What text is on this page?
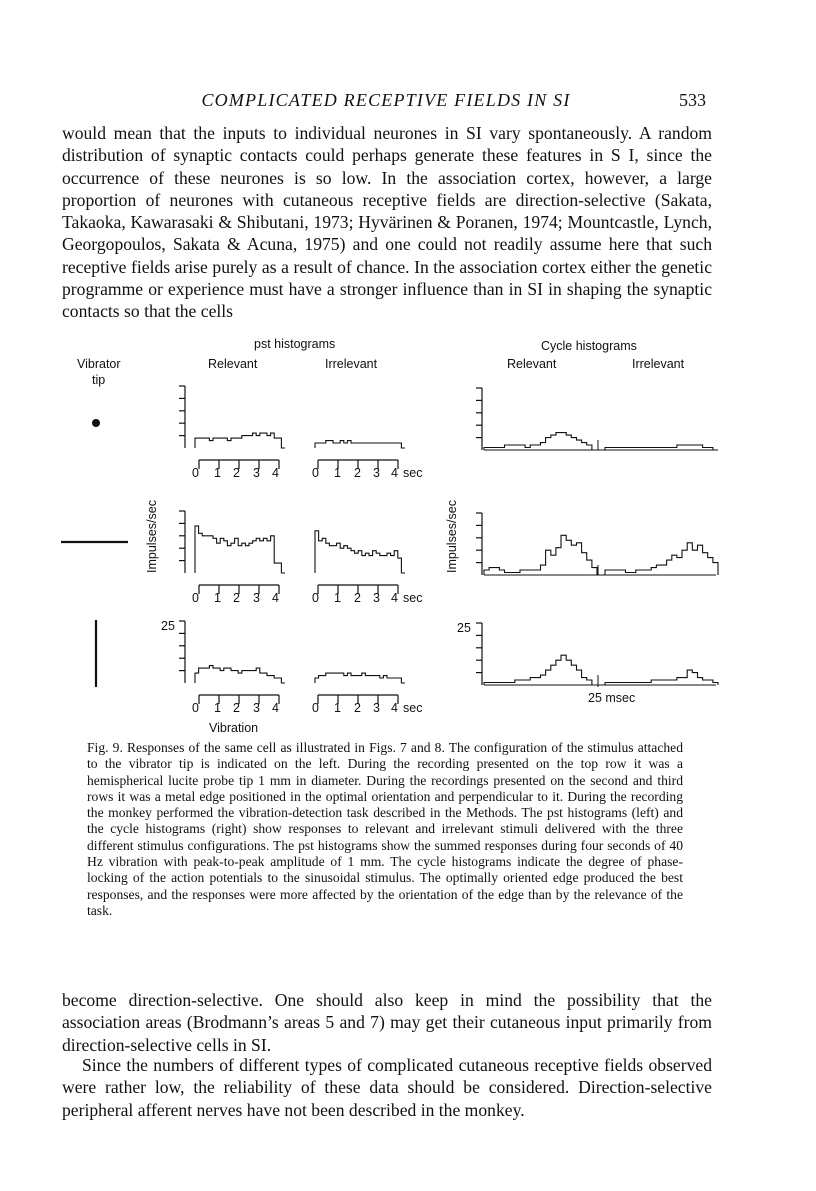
COMPLICATED RECEPTIVE FIELDS IN SI	533

would mean that the inputs to individual neurones in SI vary spontaneously. A random distribution of synaptic contacts could perhaps generate these features in S I, since the occurrence of these neurones is so low. In the association cortex, however, a large proportion of neurones with cutaneous receptive fields are direction-selective (Sakata, Takaoka, Kawarasaki & Shibutani, 1973; Hyvärinen & Poranen, 1974; Mountcastle, Lynch, Georgopoulos, Sakata & Acuna, 1975) and one could not readily assume here that such receptive fields arise purely as a result of chance. In the association cortex either the genetic programme or experience must have a stronger influence than in SI in shaping the synaptic contacts so that the cells

pst histograms	Cycle histograms
Vibrator
tip
Relevant	Irrelevant	Relevant	Irrelevant
Impulses/sec	Impulses/sec
25	25
0 1 2 3 4	0 1 2 3 4 sec
0 1 2 3 4	0 1 2 3 4 sec
0 1 2 3 4	0 1 2 3 4 sec
Vibration
25 msec

Fig. 9. Responses of the same cell as illustrated in Figs. 7 and 8. The configuration of the stimulus attached to the vibrator tip is indicated on the left. During the recording presented on the top row it was a hemispherical lucite probe tip 1 mm in diameter. During the recordings presented on the second and third rows it was a metal edge positioned in the optimal orientation and perpendicular to it. During the recording the monkey performed the vibration-detection task described in the Methods. The pst histograms (left) and the cycle histograms (right) show responses to relevant and irrelevant stimuli delivered with the three different stimulus configurations. The pst histograms show the summed responses during four seconds of 40 Hz vibration with peak-to-peak amplitude of 1 mm. The cycle histograms indicate the degree of phase-locking of the action potentials to the sinusoidal stimulus. The optimally oriented edge produced the best responses, and the responses were more affected by the orientation of the edge than by the relevance of the task.

become direction-selective. One should also keep in mind the possibility that the association areas (Brodmann’s areas 5 and 7) may get their cutaneous input primarily from direction-selective cells in SI.

Since the numbers of different types of complicated cutaneous receptive fields observed were rather low, the reliability of these data should be considered. Direction-selective peripheral afferent nerves have not been described in the monkey.
